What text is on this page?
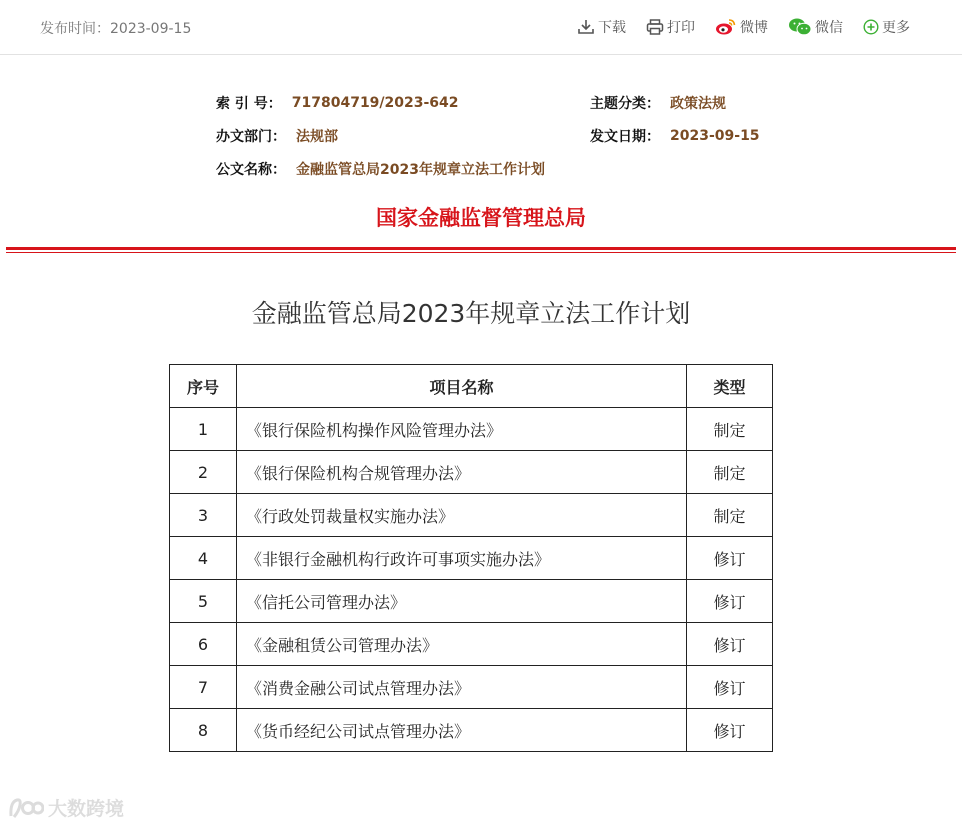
发布时间：2023-09-15	下载	打印	微博	微信	更多
索 引 号： 717804719/2023-642
办文部门： 法规部
公文名称： 金融监管总局2023年规章立法工作计划
主题分类： 政策法规
发文日期： 2023-09-15
国家金融监督管理总局
金融监管总局2023年规章立法工作计划
序号	项目名称	类型
1	《银行保险机构操作风险管理办法》	制定
2	《银行保险机构合规管理办法》	制定
3	《行政处罚裁量权实施办法》	制定
4	《非银行金融机构行政许可事项实施办法》	修订
5	《信托公司管理办法》	修订
6	《金融租赁公司管理办法》	修订
7	《消费金融公司试点管理办法》	修订
8	《货币经纪公司试点管理办法》	修订
大数跨境
